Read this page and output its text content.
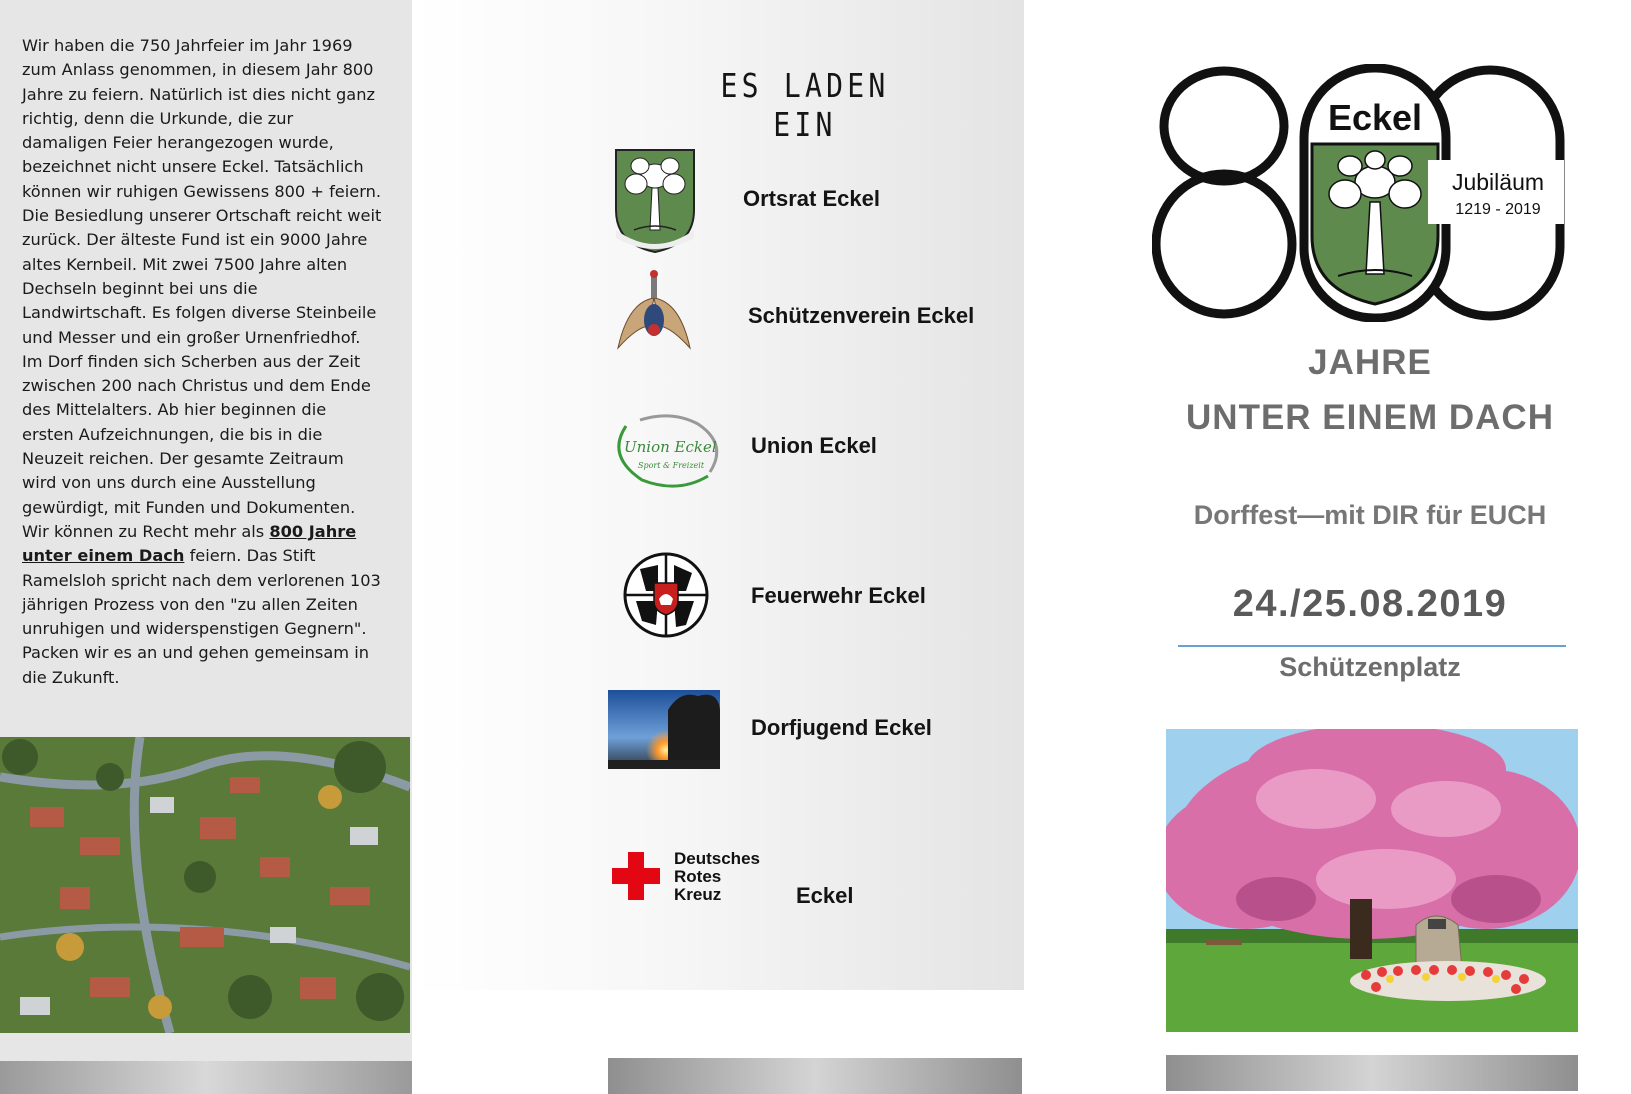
Wir haben die 750 Jahrfeier im Jahr 1969 zum Anlass genommen, in diesem Jahr 800 Jahre zu feiern. Natürlich ist dies nicht ganz richtig, denn die Urkunde, die zur damaligen Feier herangezogen wurde, bezeichnet nicht unsere Eckel. Tatsächlich können wir ruhigen Gewissens 800 + feiern. Die Besiedlung unserer Ortschaft reicht weit zurück. Der älteste Fund ist ein 9000 Jahre altes Kernbeil. Mit zwei 7500 Jahre alten Dechseln beginnt bei uns die Landwirtschaft. Es folgen diverse Steinbeile und Messer und ein großer Urnenfriedhof. Im Dorf finden sich Scherben aus der Zeit zwischen 200 nach Christus und dem Ende des Mittelalters. Ab hier beginnen die ersten Aufzeichnungen, die bis in die Neuzeit reichen. Der gesamte Zeitraum wird von uns durch eine Ausstellung gewürdigt, mit Funden und Dokumenten. Wir können zu Recht mehr als 800 Jahre unter einem Dach feiern. Das Stift Ramelsloh spricht nach dem verlorenen 103 jährigen Prozess von den "zu allen Zeiten unruhigen und widerspenstigen Gegnern".

Packen wir es an und gehen gemeinsam in die Zukunft.

ES LADEN EIN
Ortsrat Eckel
Schützenverein Eckel
Union Eckel
Sport & Freizeit
Union Eckel
Feuerwehr Eckel
Dorfjugend Eckel
Deutsches
Rotes
Kreuz	Eckel
Eckel
Jubiläum
1219 - 2019
JAHRE
UNTER EINEM DACH
Dorffest—mit DIR für EUCH
24./25.08.2019
Schützenplatz
